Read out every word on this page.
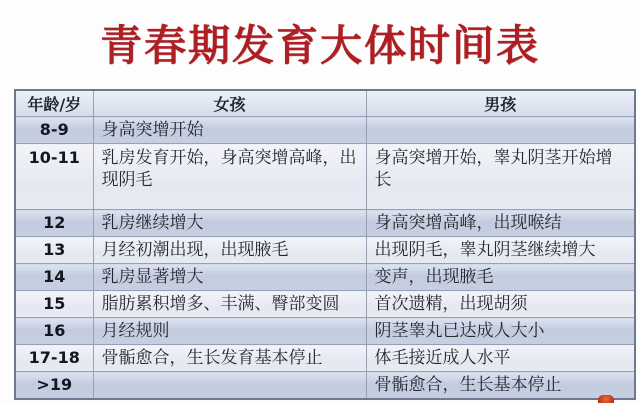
青春期发育大体时间表
年龄/岁	女孩	男孩
8-9	身高突增开始	
10-11	乳房发育开始，身高突增高峰，出现阴毛	身高突增开始，睾丸阴茎开始增长
12	乳房继续增大	身高突增高峰，出现喉结
13	月经初潮出现，出现腋毛	出现阴毛，睾丸阴茎继续增大
14	乳房显著增大	变声，出现腋毛
15	脂肪累积增多、丰满、臀部变圆	首次遗精，出现胡须
16	月经规则	阴茎睾丸已达成人大小
17-18	骨骺愈合，生长发育基本停止	体毛接近成人水平
>19		骨骺愈合，生长基本停止
